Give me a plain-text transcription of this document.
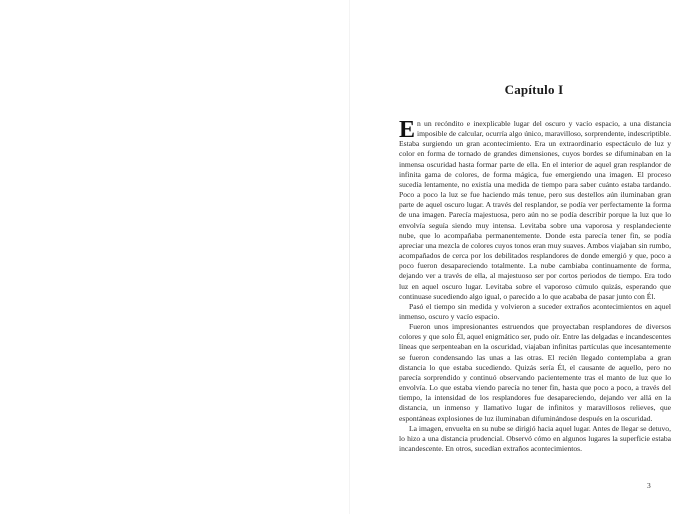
Capítulo I

En un recóndito e inexplicable lugar del oscuro y vacío espacio, a una distancia imposible de calcular, ocurría algo único, maravilloso, sorprendente, indescriptible. Estaba surgiendo un gran acontecimiento. Era un extraordinario espectáculo de luz y color en forma de tornado de grandes dimensiones, cuyos bordes se difuminaban en la inmensa oscuridad hasta formar parte de ella. En el interior de aquel gran resplandor de infinita gama de colores, de forma mágica, fue emergiendo una imagen. El proceso sucedía lentamente, no existía una medida de tiempo para saber cuánto estaba tardando. Poco a poco la luz se fue haciendo más tenue, pero sus destellos aún iluminaban gran parte de aquel oscuro lugar. A través del resplandor, se podía ver perfectamente la forma de una imagen. Parecía majestuosa, pero aún no se podía describir porque la luz que lo envolvía seguía siendo muy intensa. Levitaba sobre una vaporosa y resplandeciente nube, que lo acompañaba permanentemente. Donde esta parecía tener fin, se podía apreciar una mezcla de colores cuyos tonos eran muy suaves. Ambos viajaban sin rumbo, acompañados de cerca por los debilitados resplandores de donde emergió y que, poco a poco fueron desapareciendo totalmente. La nube cambiaba continuamente de forma, dejando ver a través de ella, al majestuoso ser por cortos periodos de tiempo. Era todo luz en aquel oscuro lugar. Levitaba sobre el vaporoso cúmulo quizás, esperando que continuase sucediendo algo igual, o parecido a lo que acababa de pasar junto con Él.

Pasó el tiempo sin medida y volvieron a suceder extraños acontecimientos en aquel inmenso, oscuro y vacío espacio.

Fueron unos impresionantes estruendos que proyectaban resplandores de diversos colores y que solo Él, aquel enigmático ser, pudo oír. Entre las delgadas e incandescentes líneas que serpenteaban en la oscuridad, viajaban infinitas partículas que incesantemente se fueron condensando las unas a las otras. El recién llegado contemplaba a gran distancia lo que estaba sucediendo. Quizás sería Él, el causante de aquello, pero no parecía sorprendido y continuó observando pacientemente tras el manto de luz que lo envolvía. Lo que estaba viendo parecía no tener fin, hasta que poco a poco, a través del tiempo, la intensidad de los resplandores fue desapareciendo, dejando ver allá en la distancia, un inmenso y llamativo lugar de infinitos y maravillosos relieves, que espontáneas explosiones de luz iluminaban difuminándose después en la oscuridad.

La imagen, envuelta en su nube se dirigió hacia aquel lugar. Antes de llegar se detuvo, lo hizo a una distancia prudencial. Observó cómo en algunos lugares la superficie estaba incandescente. En otros, sucedían extraños acontecimientos.

3
